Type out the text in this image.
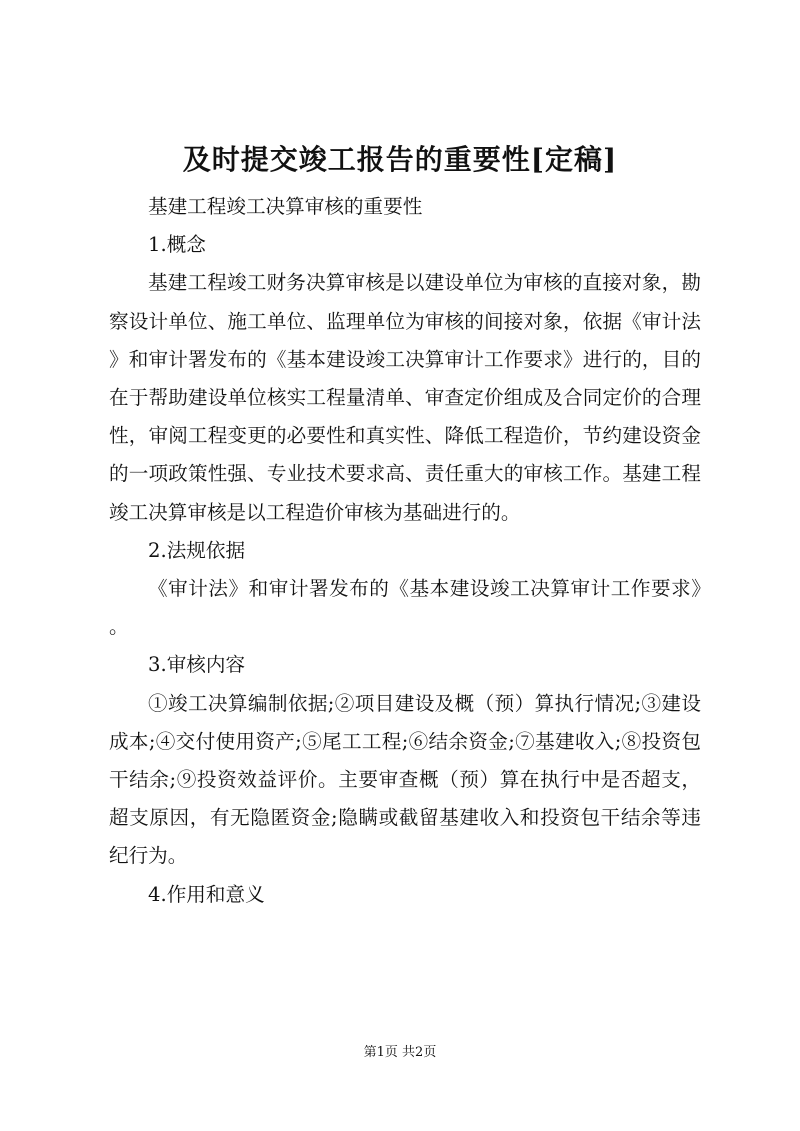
及时提交竣工报告的重要性[定稿]

基建工程竣工决算审核的重要性

1.概念

基建工程竣工财务决算审核是以建设单位为审核的直接对象，勘察设计单位、施工单位、监理单位为审核的间接对象，依据《审计法》和审计署发布的《基本建设竣工决算审计工作要求》进行的，目的在于帮助建设单位核实工程量清单、审查定价组成及合同定价的合理性，审阅工程变更的必要性和真实性、降低工程造价，节约建设资金的一项政策性强、专业技术要求高、责任重大的审核工作。基建工程竣工决算审核是以工程造价审核为基础进行的。

2.法规依据

《审计法》和审计署发布的《基本建设竣工决算审计工作要求》。

3.审核内容

①竣工决算编制依据;②项目建设及概（预）算执行情况;③建设成本;④交付使用资产;⑤尾工工程;⑥结余资金;⑦基建收入;⑧投资包干结余;⑨投资效益评价。主要审查概（预）算在执行中是否超支，超支原因，有无隐匿资金;隐瞒或截留基建收入和投资包干结余等违纪行为。

4.作用和意义

第1页 共2页
